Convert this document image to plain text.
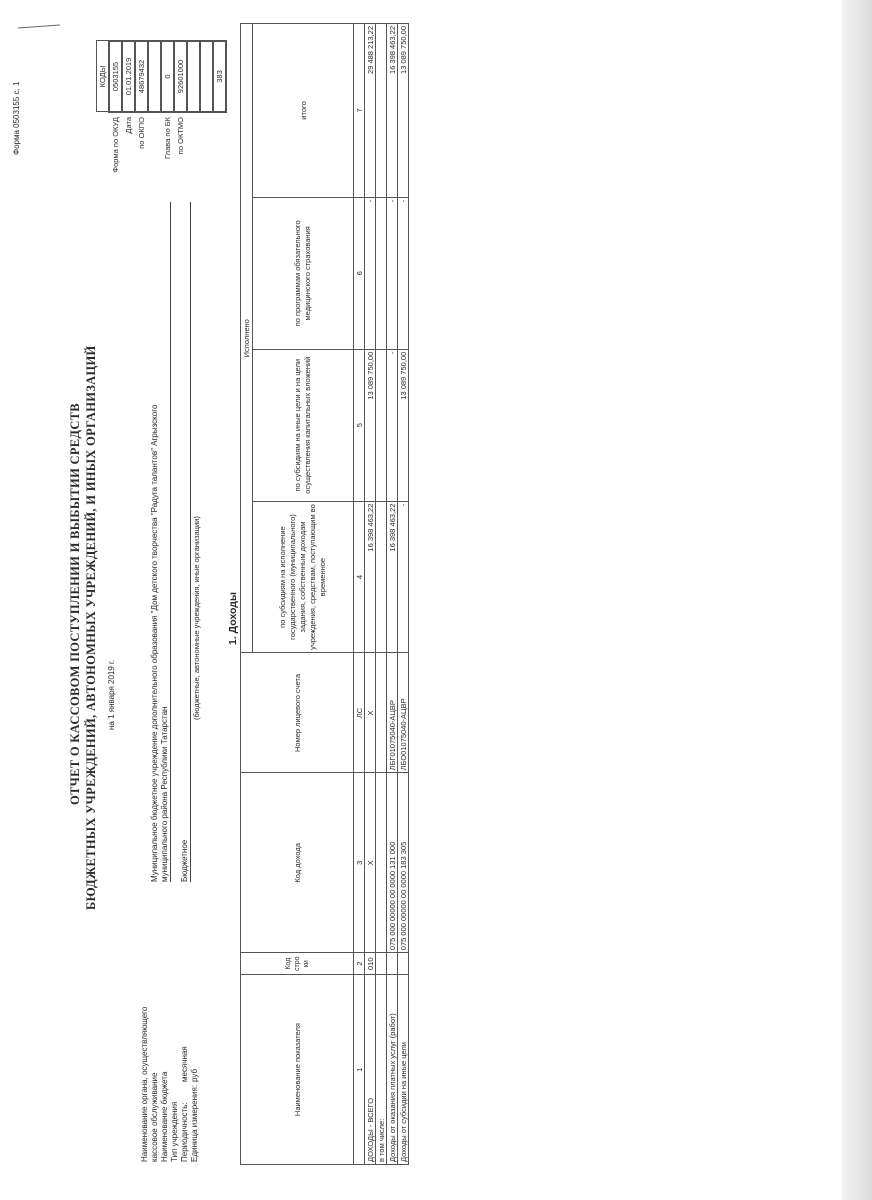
Форма 0503155 с. 1
ОТЧЕТ О КАССОВОМ ПОСТУПЛЕНИИ И ВЫБЫТИИ СРЕДСТВ БЮДЖЕТНЫХ УЧРЕЖДЕНИЙ, АВТОНОМНЫХ УЧРЕЖДЕНИЙ, И ИНЫХ ОРГАНИЗАЦИЙ на 1 января 2019 г.
	КОДЫ
Форма по ОКУД	0503155
Дата	01.01.2019
по ОКПО	48679432

Глава по БК	0
по ОКТМО	92601000

	383
Наименование органа, осуществляющего кассовое обслуживание Наименование бюджета Тип учреждения Периодичность:
месячная
Единица измерения:
руб
Муниципальное бюджетное учреждение дополнительного образования "Дом детского творчества "Радуга талантов" Агрызского муниципального района Республики Татарстан Бюджетное
(бюджетные, автономные учреждения, иные организации) 1. Доходы
Наименование показателя	Код стро ки	Код дохода	Номер лицевого счета	Исполнено			
				по субсидиям на исполнение государственного (муниципального) задания, собственным доходам учреждения, средствам, поступающим во временное	по субсидиям на иные цели и на цели осуществления капитальных вложений	по программам обязательного медицинского страхования	итого
1	2	3	ЛС	4	5	6	7
ДОХОДЫ - ВСЕГО	010	X	X	16 398 463,22	13 089 750,00	-	29 488 213,22
в том числе:							
Доходы от оказания платных услуг (работ)		075 000 00000 00 0000 131 000	ЛБГ01075040-АЦВР	16 398 463,22	-	-	16 398 463,22
Доходы от субсидии на иные цели		075 000 00000 00 0000 183 305	ЛБО01075040-АЦВР	-	13 089 750,00	-	13 089 750,00
